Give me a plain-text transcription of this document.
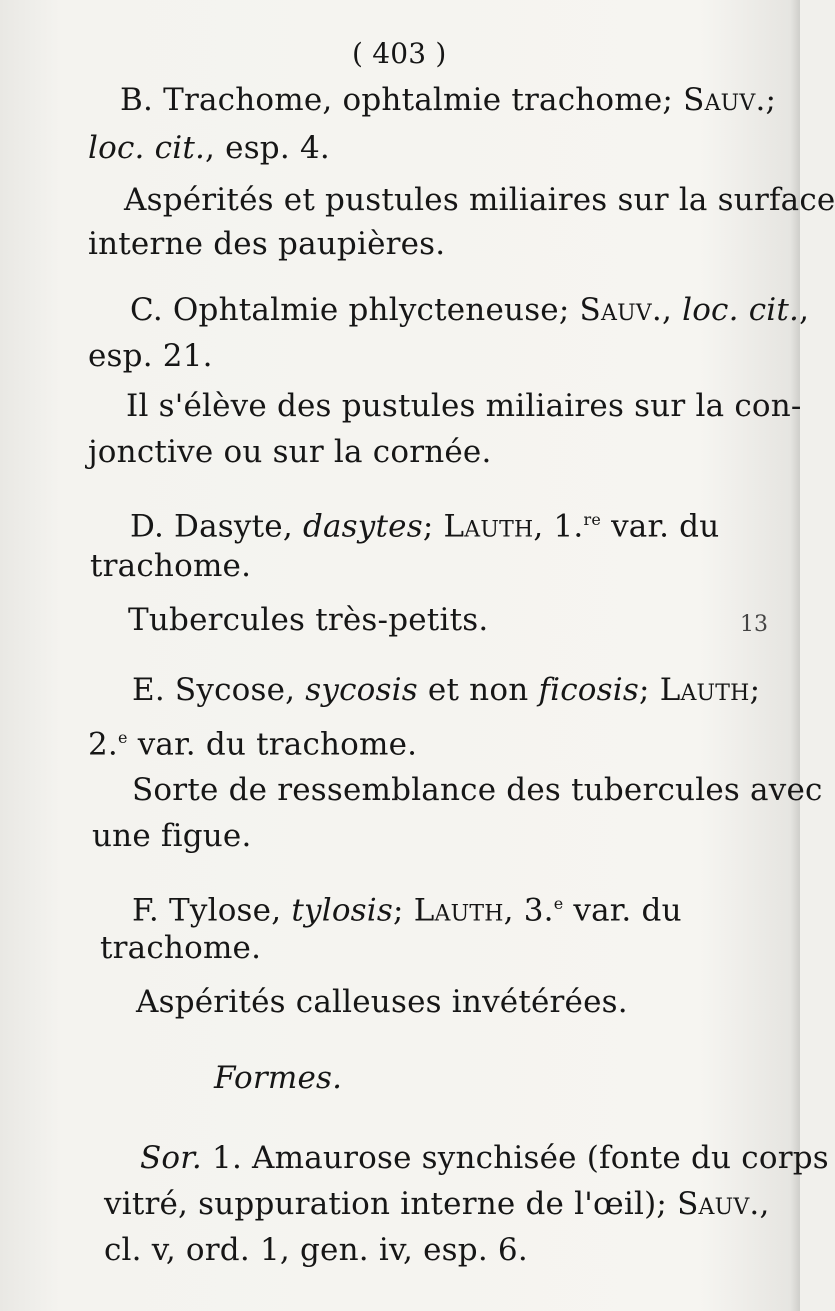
( 403 )
B. Trachome, ophtalmie trachome; Sauv.;
loc. cit., esp. 4.
Aspérités et pustules miliaires sur la surface
interne des paupières.
C. Ophtalmie phlycteneuse; Sauv., loc. cit.,
esp. 21.
Il s'élève des pustules miliaires sur la con-
jonctive ou sur la cornée.
D. Dasyte, dasytes; Lauth, 1.$^{re}$ var. du
trachome.
Tubercules très-petits.
E. Sycose, sycosis et non ficosis; Lauth;
2.$^e$ var. du trachome.
Sorte de ressemblance des tubercules avec
une figue.
F. Tylose, tylosis; Lauth, 3.$^e$ var. du
trachome.
Aspérités calleuses invétérées.
Formes.
Sor. 1. Amaurose synchisée (fonte du corps
vitré, suppuration interne de l'œil); Sauv.,
cl. v, ord. 1, gen. iv, esp. 6.
13
